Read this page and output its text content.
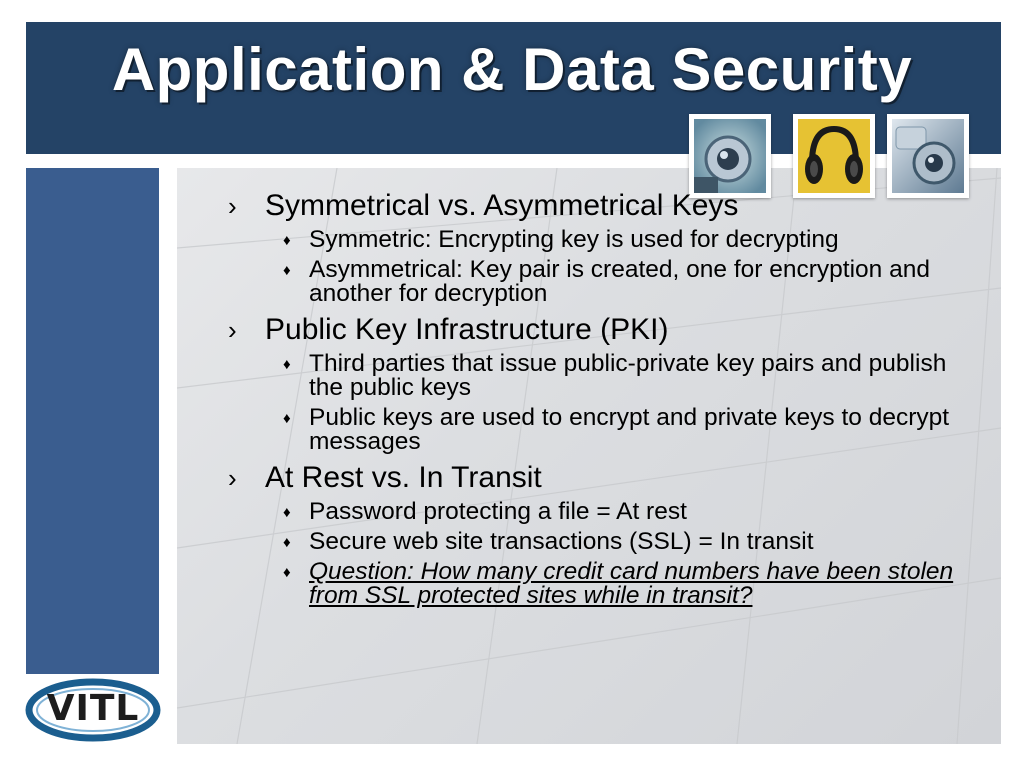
Application & Data Security
› Symmetrical vs. Asymmetrical Keys
♦ Symmetric: Encrypting key is used for decrypting
♦ Asymmetrical: Key pair is created, one for encryption and another for decryption
› Public Key Infrastructure (PKI)
♦ Third parties that issue public-private key pairs and publish the public keys
♦ Public keys are used to encrypt and private keys to decrypt messages
› At Rest vs. In Transit
♦ Password protecting a file = At rest
♦ Secure web site transactions (SSL) = In transit
♦ Question: How many credit card numbers have been stolen from SSL protected sites while in transit?
VITL
